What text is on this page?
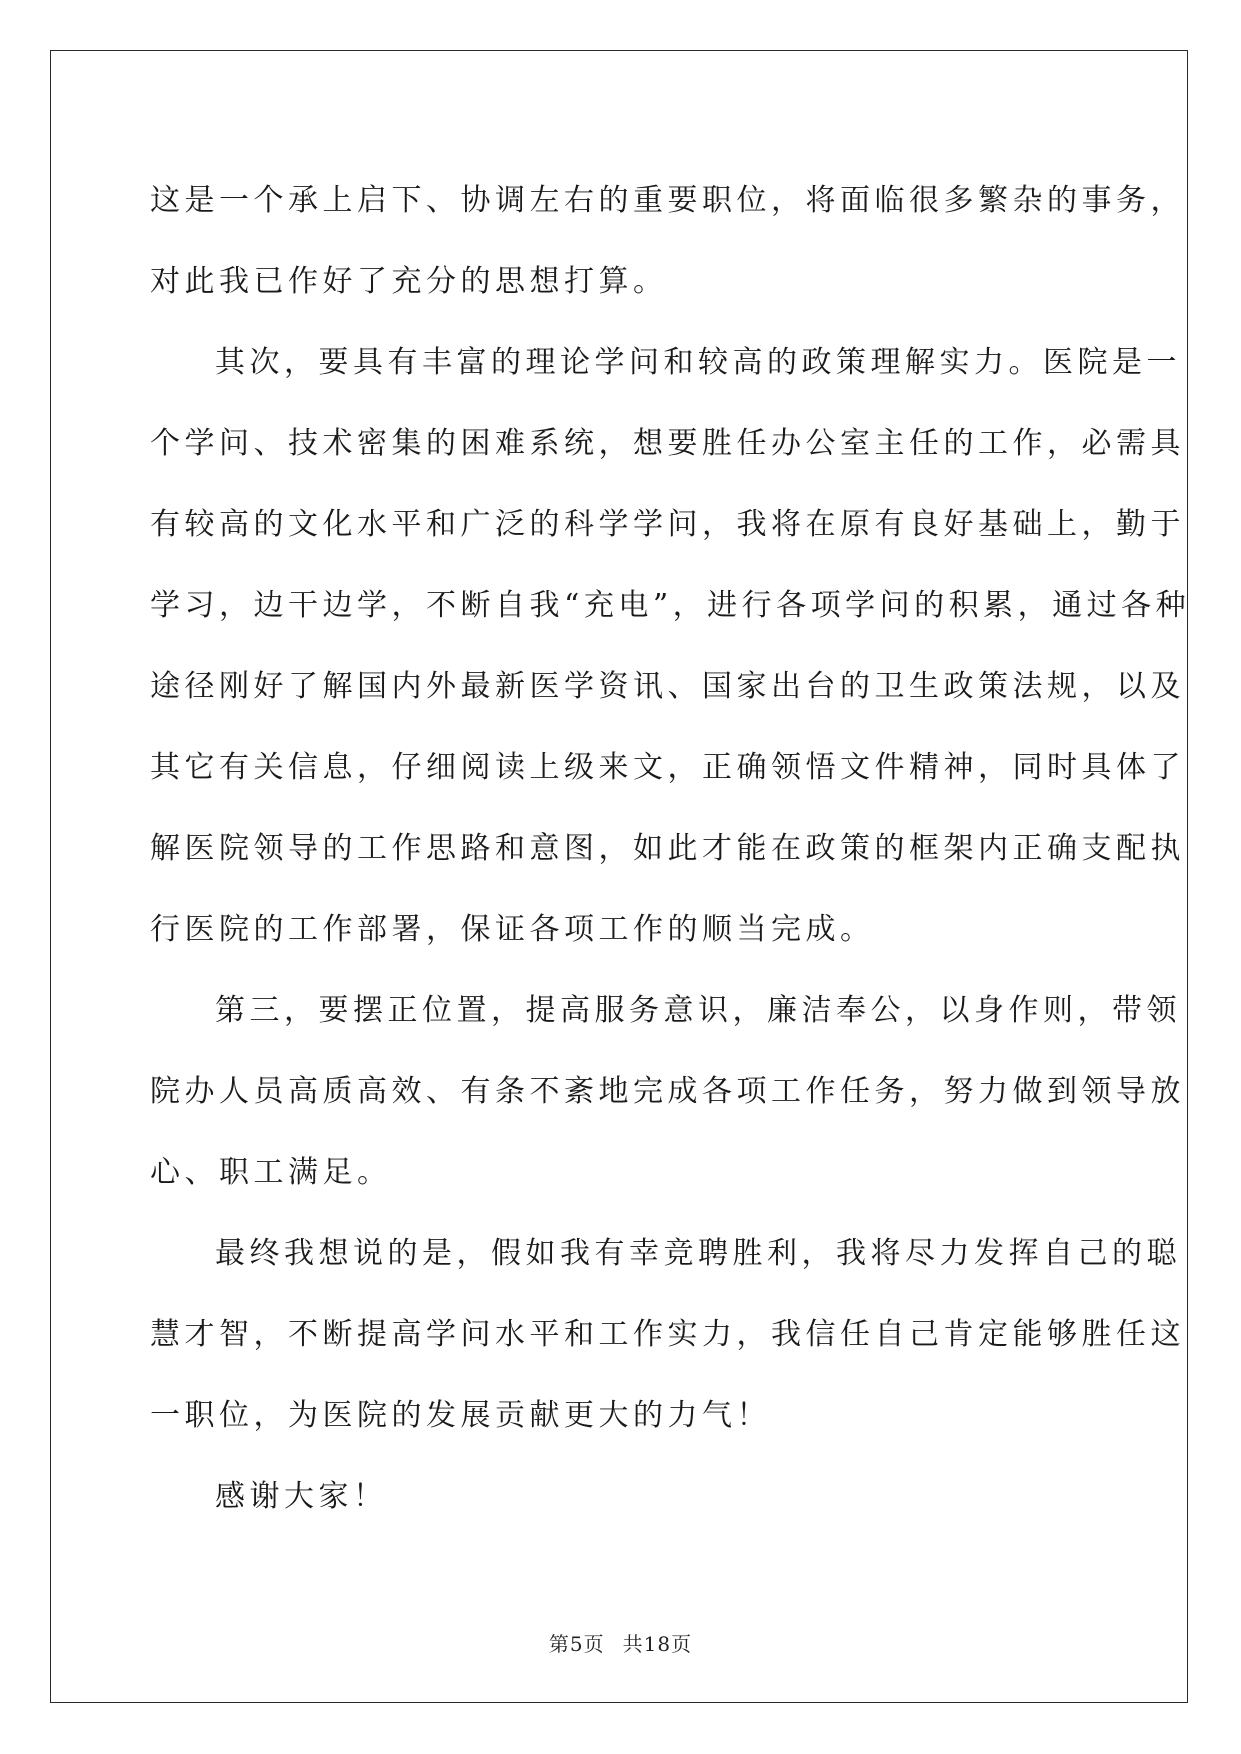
这是一个承上启下、协调左右的重要职位，将面临很多繁杂的事务，
对此我已作好了充分的思想打算。

其次，要具有丰富的理论学问和较高的政策理解实力。医院是一
个学问、技术密集的困难系统，想要胜任办公室主任的工作，必需具
有较高的文化水平和广泛的科学学问，我将在原有良好基础上，勤于
学习，边干边学，不断自我“充电”，进行各项学问的积累，通过各种
途径刚好了解国内外最新医学资讯、国家出台的卫生政策法规，以及
其它有关信息，仔细阅读上级来文，正确领悟文件精神，同时具体了
解医院领导的工作思路和意图，如此才能在政策的框架内正确支配执
行医院的工作部署，保证各项工作的顺当完成。

第三，要摆正位置，提高服务意识，廉洁奉公，以身作则，带领
院办人员高质高效、有条不紊地完成各项工作任务，努力做到领导放
心、职工满足。

最终我想说的是，假如我有幸竞聘胜利，我将尽力发挥自己的聪
慧才智，不断提高学问水平和工作实力，我信任自己肯定能够胜任这
一职位，为医院的发展贡献更大的力气！

感谢大家！

第5页 共18页
